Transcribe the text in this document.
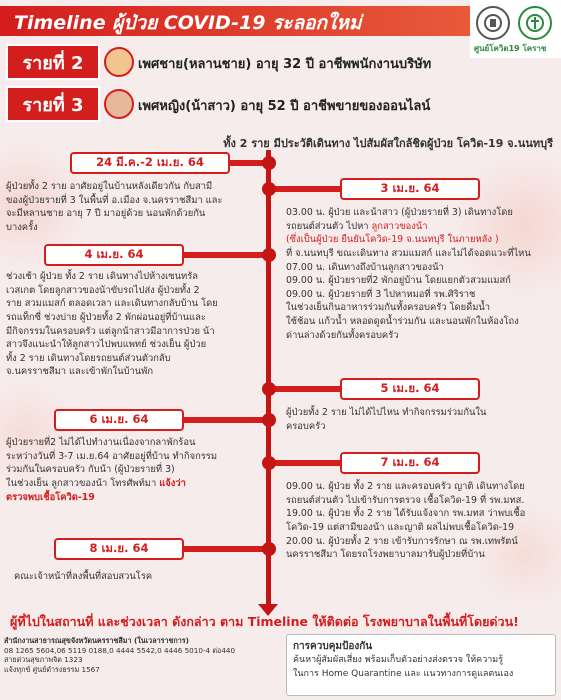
Timeline ผู้ป่วย COVID-19 ระลอกใหม่
ศูนย์โควิด19 โคราช
รายที่ 2	เพศชาย(หลานชาย) อายุ 32 ปี อาชีพพนักงานบริษัท
รายที่ 3	เพศหญิง(น้าสาว) อายุ 52 ปี อาชีพขายของออนไลน์
ทั้ง 2 ราย มีประวัติเดินทาง ไปสัมผัสใกล้ชิดผู้ป่วย โควิด-19 จ.นนทบุรี
24 มี.ค.-2 เม.ย. 64

ผู้ป่วยทั้ง 2 ราย อาศัยอยู่ในบ้านหลังเดียวกัน กับสามี

ของผู้ป่วยรายที่ 3 ในพื้นที่ อ.เมือง จ.นครราชสีมา และ

จะมีหลานชาย อายุ 7 ปี มาอยู่ด้วย นอนพักด้วยกัน

บางครั้ง

3 เม.ย. 64

03.00 น. ผู้ป่วย และน้าสาว (ผู้ป่วยรายที่ 3) เดินทางโดย

รถยนต์ส่วนตัว ไปหา ลูกสาวของน้า

(ซึ่งเป็นผู้ป่วย ยืนยันโควิด-19 จ.นนทบุรี ในภายหลัง )

ที่ จ.นนทบุรี ขณะเดินทาง สวมแมสก์ และไม่ได้จอดแวะที่ไหน

07.00 น. เดินทางถึงบ้านลูกสาวของน้า

09.00 น. ผู้ป่วยรายที่2 พักอยู่บ้าน โดยแยกตัวสวมแมสก์

09.00 น. ผู้ป่วยรายที่ 3 ไปหาหมอที่ รพ.ศิริราช

ในช่วงเย็นกินอาหารร่วมกันทั้งครอบครัว โดยดื่มน้ำ

ใช้ช้อน แก้วน้ำ หลอดดูดน้ำร่วมกัน และนอนพักในห้องโถง

ด่านล่างด้วยกันทั้งครอบครัว

4 เม.ย. 64

ช่วงเช้า ผู้ป่วย ทั้ง 2 ราย เดินทางไปห้างเซนทรัล

เวสเกต โดยลูกสาวของน้าขับรถไปส่ง ผู้ป่วยทั้ง 2

ราย สวมแมสก์ ตลอดเวลา และเดินทางกลับบ้าน โดย

รถแท็กซี่ ช่วงบ่าย ผู้ป่วยทั้ง 2 พักผ่อนอยู่ที่บ้านและ

มีกิจกรรมในครอบครัว แต่ลูกน้าสาวมีอาการป่วย น้า

สาวจึงแนะนำให้ลูกสาวไปพบแพทย์ ช่วงเย็น ผู้ป่วย

ทั้ง 2 ราย เดินทางโดยรถยนต์ส่วนตัวกลับ

จ.นครราชสีมา และเข้าพักในบ้านพัก

5 เม.ย. 64

ผู้ป่วยทั้ง 2 ราย ไม่ได้ไปไหน ทำกิจกรรมร่วมกันใน

ครอบครัว

6 เม.ย. 64

ผู้ป่วยรายที่2 ไม่ได้ไปทำงานเนื่องจากลาพักร้อน

ระหว่างวันที่ 3-7 เม.ย.64 อาศัยอยู่ที่บ้าน ทำกิจกรรม

ร่วมกันในครอบครัว กับน้า (ผู้ป่วยรายที่ 3)

ในช่วงเย็น ลูกสาวของน้า โทรศัพท์มา แจ้งว่า

ตรวจพบเชื้อโควิด-19

7 เม.ย. 64

09.00 น. ผู้ป่วย ทั้ง 2 ราย และครอบครัว ญาติ เดินทางโดย

รถยนต์ส่วนตัว ไปเข้ารับการตรวจ เชื้อโควิด-19 ที่ รพ.มทส.

19.00 น. ผู้ป่วย ทั้ง 2 ราย ได้รับแจ้งจาก รพ.มทส ว่าพบเชื้อ

โควิด-19 แต่สามีของน้า และญาติ ผลไม่พบเชื้อโควิด-19

20.00 น. ผู้ป่วยทั้ง 2 ราย เข้ารับการรักษา ณ รพ.เทพรัตน์

นครราชสีมา โดยรถโรงพยาบาลมารับผู้ป่วยที่บ้าน

8 เม.ย. 64

คณะเจ้าหน้าที่ลงพื้นที่สอบสวนโรค

ผู้ที่ไปในสถานที่ และช่วงเวลา ดังกล่าว ตาม Timeline ให้ติดต่อ โรงพยาบาลในพื้นที่โดยด่วน!

สำนักงานสาธารณสุขจังหวัดนครราชสีมา (ในเวลาราชการ)

08 1265 5604,06 5119 0188,0 4444 5542,0 4446 5010-4 ต่อ440

สายด่วนสุขภาพจิต 1323

แจ้งทุกข์ ศูนย์ดำรงธรรม 1567

การควบคุมป้องกัน
ค้นหาผู้สัมผัสเสี่ยง พร้อมเก็บตัวอย่างส่งตรวจ ให้ความรู้
ในการ Home Quarantine และ แนวทางการดูแลตนเอง
